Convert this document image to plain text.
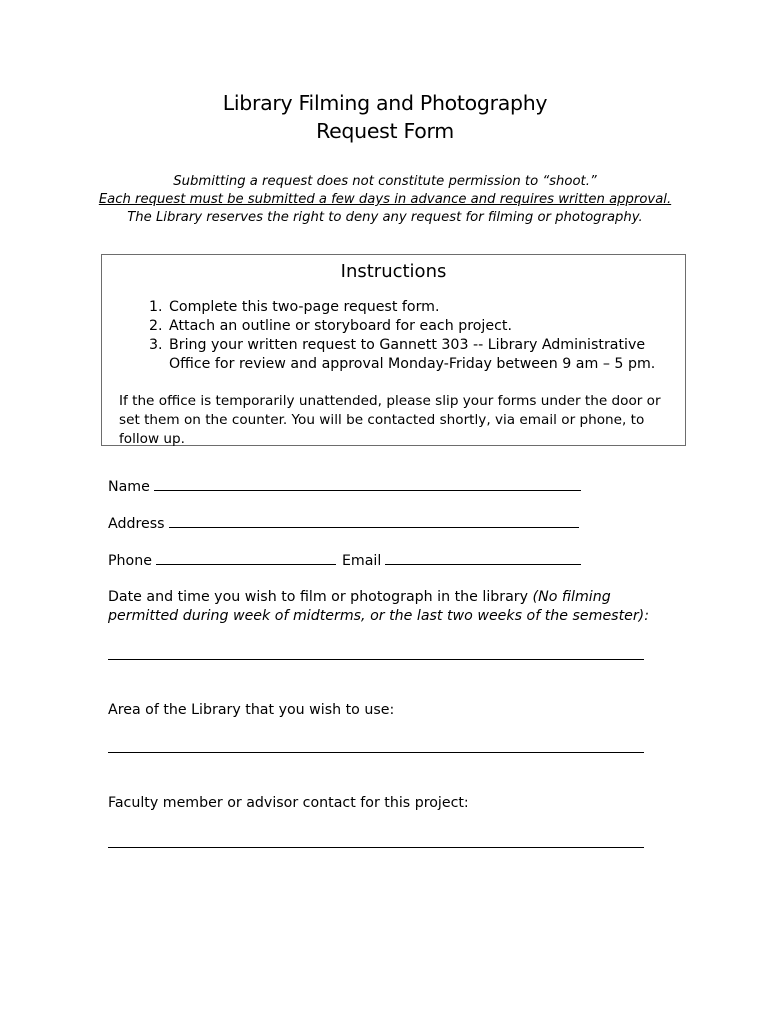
Library Filming and Photography
Request Form
Submitting a request does not constitute permission to “shoot.”
Each request must be submitted a few days in advance and requires written approval.
The Library reserves the right to deny any request for filming or photography.
Instructions
1. Complete this two-page request form.
2. Attach an outline or storyboard for each project.
3. Bring your written request to Gannett 303 -- Library Administrative Office for review and approval Monday-Friday between 9 am – 5 pm.
If the office is temporarily unattended, please slip your forms under the door or set them on the counter. You will be contacted shortly, via email or phone, to follow up.
Name
Address
Phone	Email
Date and time you wish to film or photograph in the library (No filming permitted during week of midterms, or the last two weeks of the semester):
Area of the Library that you wish to use:
Faculty member or advisor contact for this project:
